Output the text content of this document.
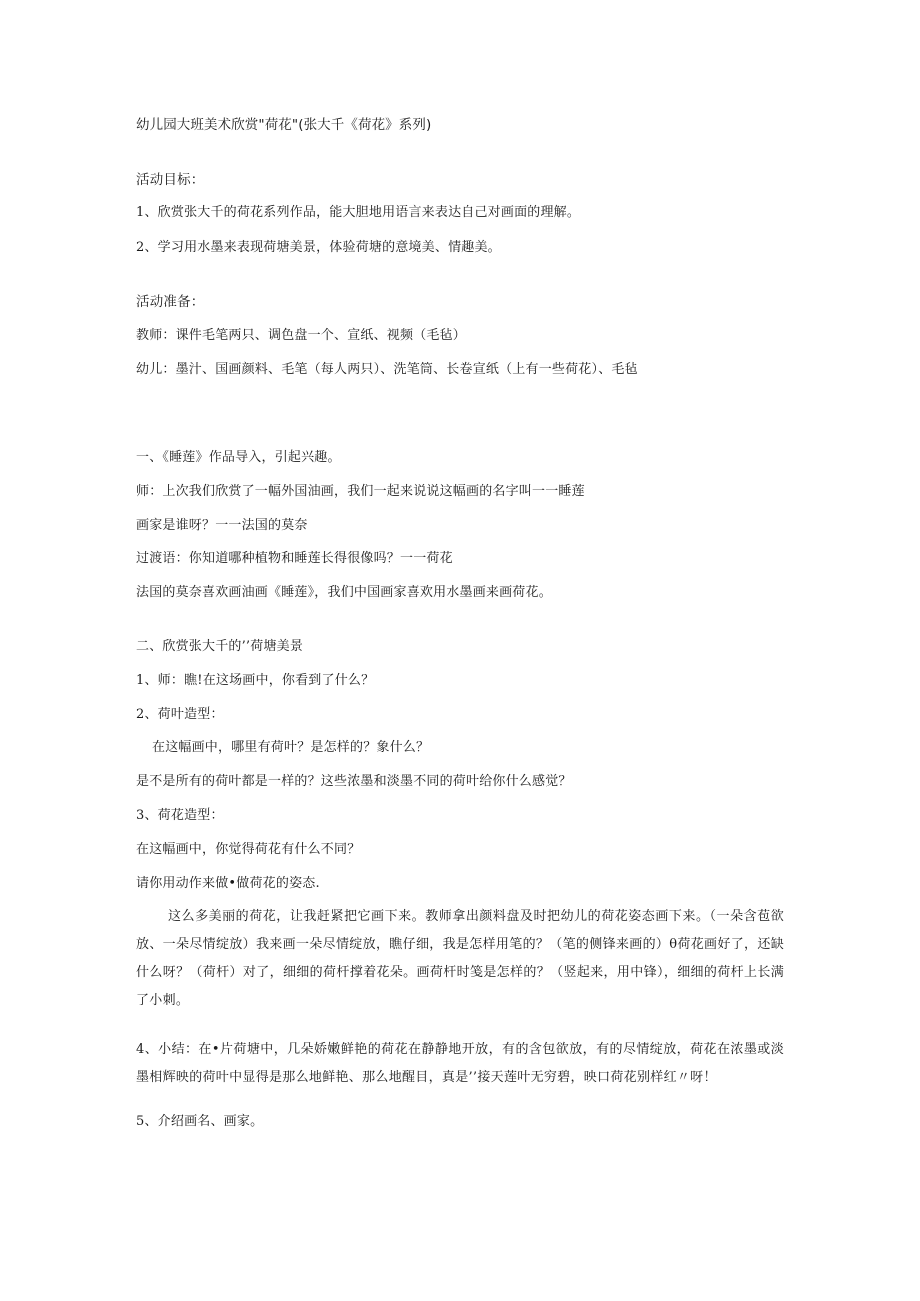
幼儿园大班美术欣赏"荷花"(张大千《荷花》系列)

活动目标：

1、欣赏张大千的荷花系列作品，能大胆地用语言来表达自己对画面的理解。

2、学习用水墨来表现荷塘美景，体验荷塘的意境美、情趣美。

活动准备：

教师：课件毛笔两只、调色盘一个、宣纸、视频（毛毡）

幼儿：墨汁、国画颜料、毛笔（每人两只）、洗笔筒、长卷宣纸（上有一些荷花）、毛毡

一、《睡莲》作品导入，引起兴趣。

师：上次我们欣赏了一幅外国油画，我们一起来说说这幅画的名字叫一一睡莲

画家是谁呀？一一法国的莫奈

过渡语：你知道哪种植物和睡莲长得很像吗？一一荷花

法国的莫奈喜欢画油画《睡莲》，我们中国画家喜欢用水墨画来画荷花。

二、欣赏张大千的’’荷塘美景

1、师：瞧!在这场画中，你看到了什么？

2、荷叶造型：

在这幅画中，哪里有荷叶？是怎样的？象什么？

是不是所有的荷叶都是一样的？这些浓墨和淡墨不同的荷叶给你什么感觉？

3、荷花造型：

在这幅画中，你觉得荷花有什么不同？

请你用动作来做•做荷花的姿态.

这么多美丽的荷花，让我赶紧把它画下来。教师拿出颜料盘及时把幼儿的荷花姿态画下来。（一朵含苞欲放、一朵尽情绽放）我来画一朵尽情绽放，瞧仔细，我是怎样用笔的？（笔的侧锋来画的）θ荷花画好了，还缺什么呀？（荷杆）对了，细细的荷杆撑着花朵。画荷杆时笺是怎样的？（竖起来，用中锋），细细的荷杆上长满了小刺。

4、小结：在•片荷塘中，几朵娇嫩鲜艳的荷花在静静地开放，有的含包欲放，有的尽情绽放，荷花在浓墨或淡墨相辉映的荷叶中显得是那么地鲜艳、那么地醒目，真是’’接天莲叶无穷碧，映口荷花别样红〃呀！

5、介绍画名、画家。
